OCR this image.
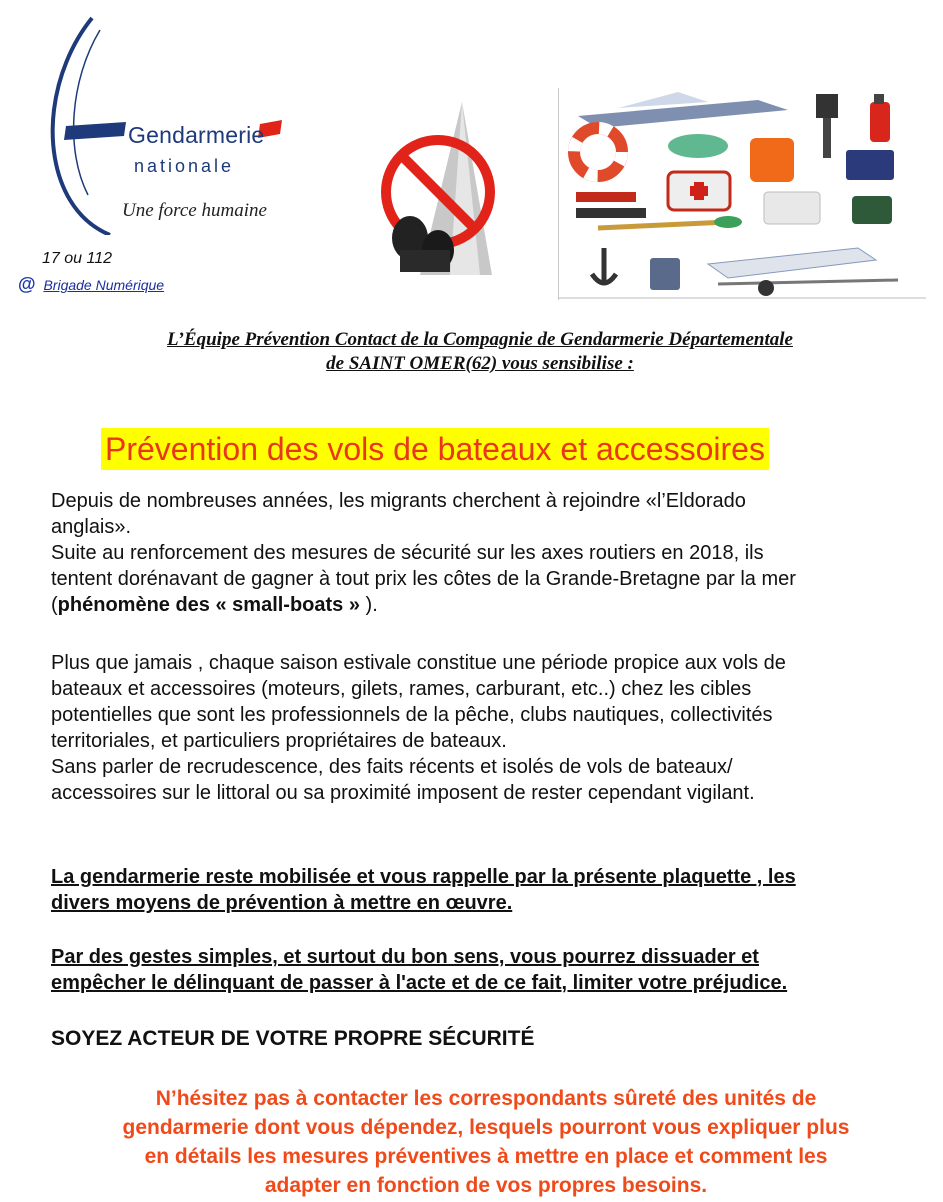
Gendarmerie
nationale
Une force humaine
17 ou 112
@ Brigade Numérique
L’Équipe Prévention Contact de la Compagnie de Gendarmerie Départementale
de SAINT OMER(62) vous sensibilise :
Prévention des vols de bateaux et accessoires

Depuis de nombreuses années, les migrants cherchent à rejoindre «l’Eldorado

anglais».

Suite au renforcement des mesures de sécurité sur les axes routiers en 2018, ils

tentent dorénavant de gagner à tout prix les côtes de la Grande-Bretagne par la mer

(phénomène des « small-boats » ).

Plus que jamais , chaque saison estivale constitue une période propice aux vols de

bateaux et accessoires (moteurs, gilets, rames, carburant, etc..) chez les cibles

potentielles que sont les professionnels de la pêche, clubs nautiques, collectivités

territoriales, et particuliers propriétaires de bateaux.

Sans parler de recrudescence, des faits récents et isolés de vols de bateaux/

accessoires sur le littoral ou sa proximité imposent de rester cependant vigilant.

La gendarmerie reste mobilisée et vous rappelle par la présente plaquette , les
divers moyens de prévention à mettre en œuvre.
Par des gestes simples, et surtout du bon sens, vous pourrez dissuader et
empêcher le délinquant de passer à l'acte et de ce fait, limiter votre préjudice.
SOYEZ ACTEUR DE VOTRE PROPRE SÉCURITÉ
N’hésitez pas à contacter les correspondants sûreté des unités de
gendarmerie dont vous dépendez, lesquels pourront vous expliquer plus
en détails les mesures préventives à mettre en place et comment les
adapter en fonction de vos propres besoins.
